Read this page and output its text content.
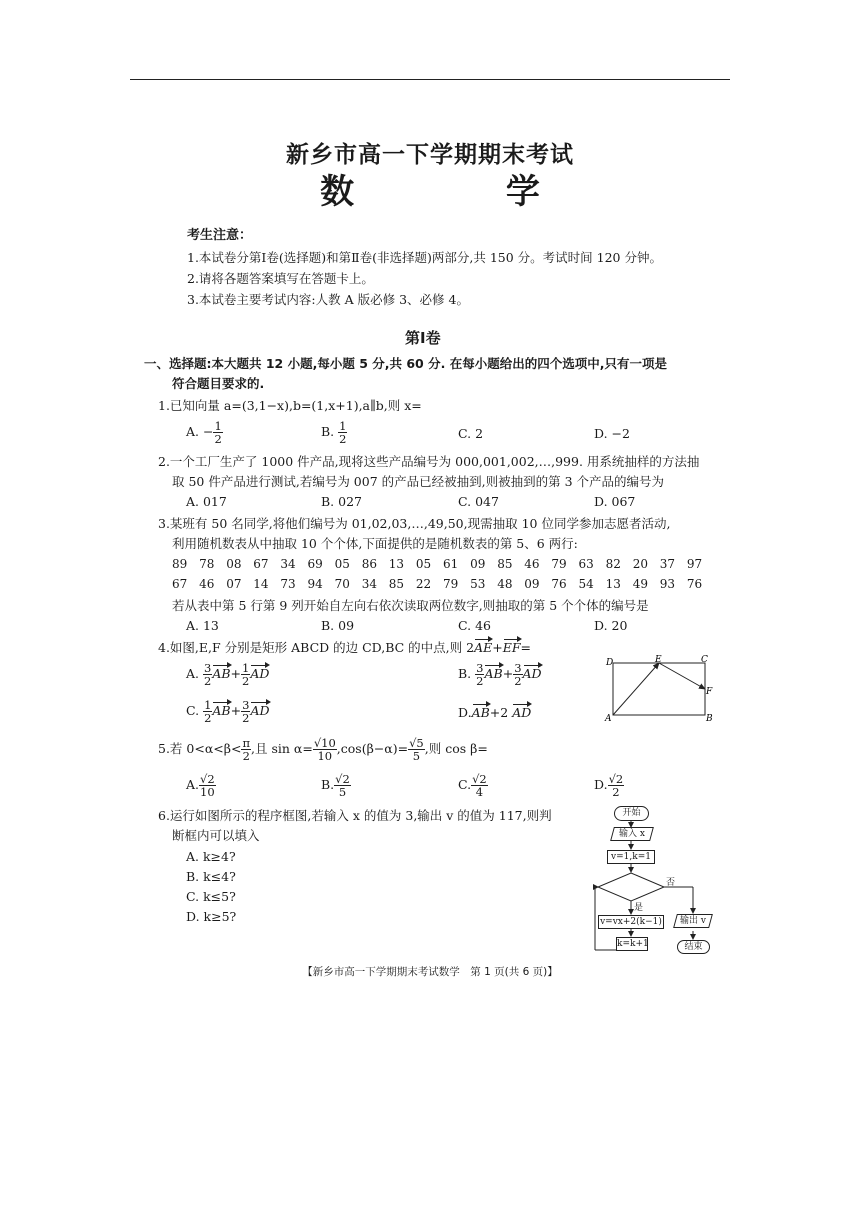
新乡市高一下学期期末考试
数 学
考生注意：
1.本试卷分第Ⅰ卷(选择题)和第Ⅱ卷(非选择题)两部分,共 150 分。考试时间 120 分钟。
2.请将各题答案填写在答题卡上。
3.本试卷主要考试内容:人教 A 版必修 3、必修 4。
第Ⅰ卷
一、选择题:本大题共 12 小题,每小题 5 分,共 60 分. 在每小题给出的四个选项中,只有一项是
符合题目要求的.
1.已知向量 a=(3,1−x),b=(1,x+1),a∥b,则 x=
A. − $\frac{1}{2}$	B. $\frac{1}{2}$	C. 2	D. −2
2.一个工厂生产了 1000 件产品,现将这些产品编号为 000,001,002,…,999. 用系统抽样的方法抽
取 50 件产品进行测试,若编号为 007 的产品已经被抽到,则被抽到的第 3 个产品的编号为
A. 017	B. 027	C. 047	D. 067
3.某班有 50 名同学,将他们编号为 01,02,03,…,49,50,现需抽取 10 位同学参加志愿者活动,
利用随机数表从中抽取 10 个个体,下面提供的是随机数表的第 5、6 两行:
89 78 08 67 34 69 05 86 13 05 61 09 85 46 79 63 82 20 37 97
67 46 07 14 73 94 70 34 85 22 79 53 48 09 76 54 13 49 93 76
若从表中第 5 行第 9 列开始自左向右依次读取两位数字,则抽取的第 5 个个体的编号是
A. 13	B. 09	C. 46	D. 20
4.如图,E,F 分别是矩形 ABCD 的边 CD,BC 的中点,则 2AE+EF=
A. $\frac{3}{2} AB+ \frac{1}{2}$ AD	B. $\frac{3}{2} AB+ \frac{3}{2}$ AD
C. $\frac{1}{2} AB+ \frac{3}{2}$ AD	D.AB+2 AD
D	E	C
F
A	B
5.若 $0<\alpha<\beta< \frac{\pi}{2}$ ,且 $\sin \alpha= \frac{√10}{10} ,\cos(\beta-\alpha)= \frac{√5}{5}$ ,则 cos β=
A. $\frac{√2}{10}$	B. $\frac{√2}{5}$	C. $\frac{√2}{4}$	D. $\frac{√2}{2}$
6.运行如图所示的程序框图,若输入 x 的值为 3,输出 v 的值为 117,则判
断框内可以填入
A. k≥4?
B. k≤4?
C. k≤5?
D. k≥5?
开始
输入 x
v=1,k=1
否
是
v=vx+2(k−1)
k=k+1
输出 v
结束
【新乡市高一下学期期末考试数学　第 1 页(共 6 页)】
